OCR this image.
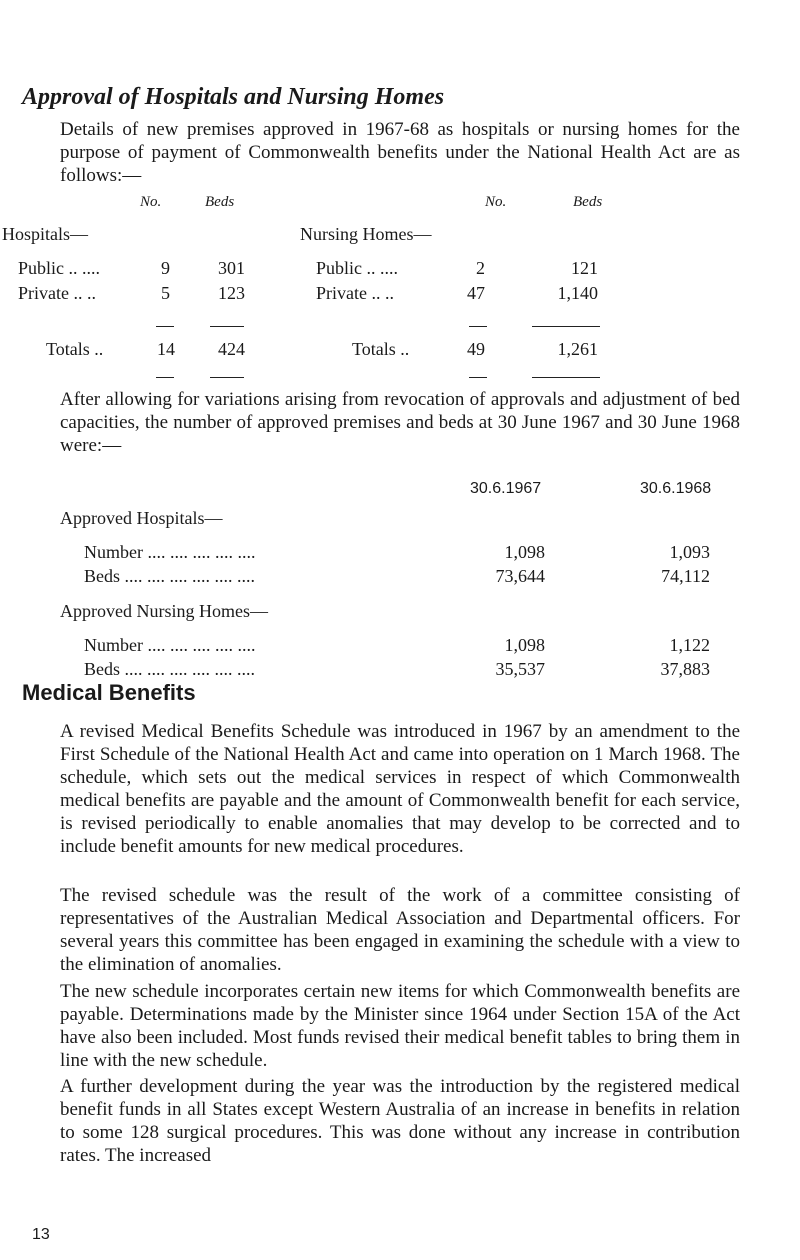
Approval of Hospitals and Nursing Homes
Details of new premises approved in 1967-68 as hospitals or nursing homes for the purpose of payment of Commonwealth benefits under the National Health Act are as follows:—
No.	Beds	No.	Beds
Hospitals—	Nursing Homes—
Public .. ....	9	301	Public .. ....	2	121
Private .. ..	5	123	Private .. ..	47	1,140
Totals ..	14	424	Totals ..	49	1,261
After allowing for variations arising from revocation of approvals and adjustment of bed capacities, the number of approved premises and beds at 30 June 1967 and 30 June 1968 were:—
30.6.1967	30.6.1968
Approved Hospitals—
Number .... .... .... .... ....	1,098	1,093
Beds .... .... .... .... .... ....	73,644	74,112
Approved Nursing Homes—
Number .... .... .... .... ....	1,098	1,122
Beds .... .... .... .... .... ....	35,537	37,883
Medical Benefits
A revised Medical Benefits Schedule was introduced in 1967 by an amendment to the First Schedule of the National Health Act and came into operation on 1 March 1968. The schedule, which sets out the medical services in respect of which Commonwealth medical benefits are payable and the amount of Commonwealth benefit for each service, is revised periodically to enable anomalies that may develop to be corrected and to include benefit amounts for new medical procedures.
The revised schedule was the result of the work of a committee consisting of representatives of the Australian Medical Association and Departmental officers. For several years this committee has been engaged in examining the schedule with a view to the elimination of anomalies.
The new schedule incorporates certain new items for which Commonwealth benefits are payable. Determinations made by the Minister since 1964 under Section 15A of the Act have also been included. Most funds revised their medical benefit tables to bring them in line with the new schedule.
A further development during the year was the introduction by the registered medical benefit funds in all States except Western Australia of an increase in benefits in relation to some 128 surgical procedures. This was done without any increase in contribution rates. The increased
13
